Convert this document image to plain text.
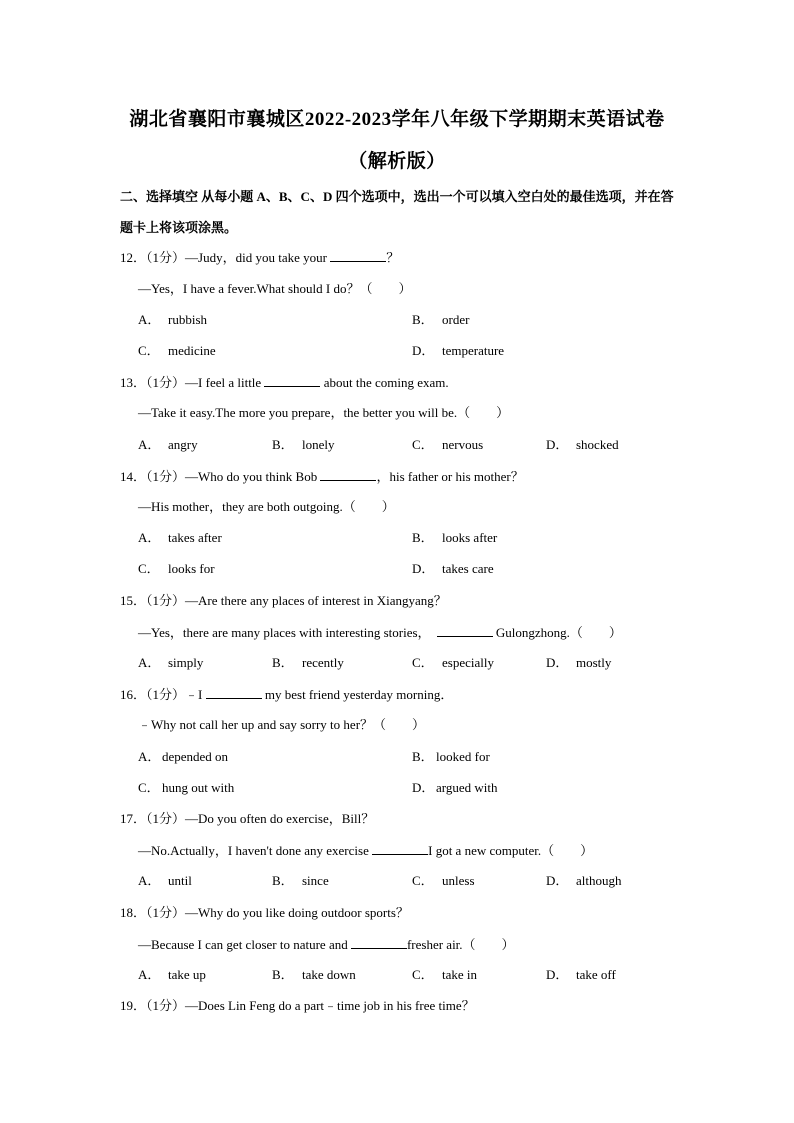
湖北省襄阳市襄城区2022-2023学年八年级下学期期末英语试卷
（解析版）
二、选择填空 从每小题 A、B、C、D 四个选项中，选出一个可以填入空白处的最佳选项，并在答题卡上将该项涂黑。
12．（1分）—Judy，did you take your	？
—Yes，I have a fever.What should I do？（　　）
A． rubbish	B． order
C． medicine	D． temperature
13．（1分）—I feel a little	about the coming exam.
—Take it easy.The more you prepare，the better you will be.（　　）
A． angry	B． lonely	C． nervous	D． shocked
14．（1分）—Who do you think Bob	，his father or his mother？
—His mother，they are both outgoing.（　　）
A． takes after	B． looks after
C． looks for	D． takes care
15．（1分）—Are there any places of interest in Xiangyang？
—Yes，there are many places with interesting stories，	Gulongzhong.（　　）
A． simply	B． recently	C． especially	D． mostly
16．（1分）﹣I	my best friend yesterday morning．
﹣Why not call her up and say sorry to her？（　　）
A． depended on	B． looked for
C． hung out with	D． argued with
17．（1分）—Do you often do exercise，Bill？
—No.Actually，I haven't done any exercise	I got a new computer.（　　）
A． until	B． since	C． unless	D． although
18．（1分）—Why do you like doing outdoor sports？
—Because I can get closer to nature and	fresher air.（　　）
A． take up	B． take down	C． take in	D． take off
19．（1分）—Does Lin Feng do a part﹣time job in his free time？
